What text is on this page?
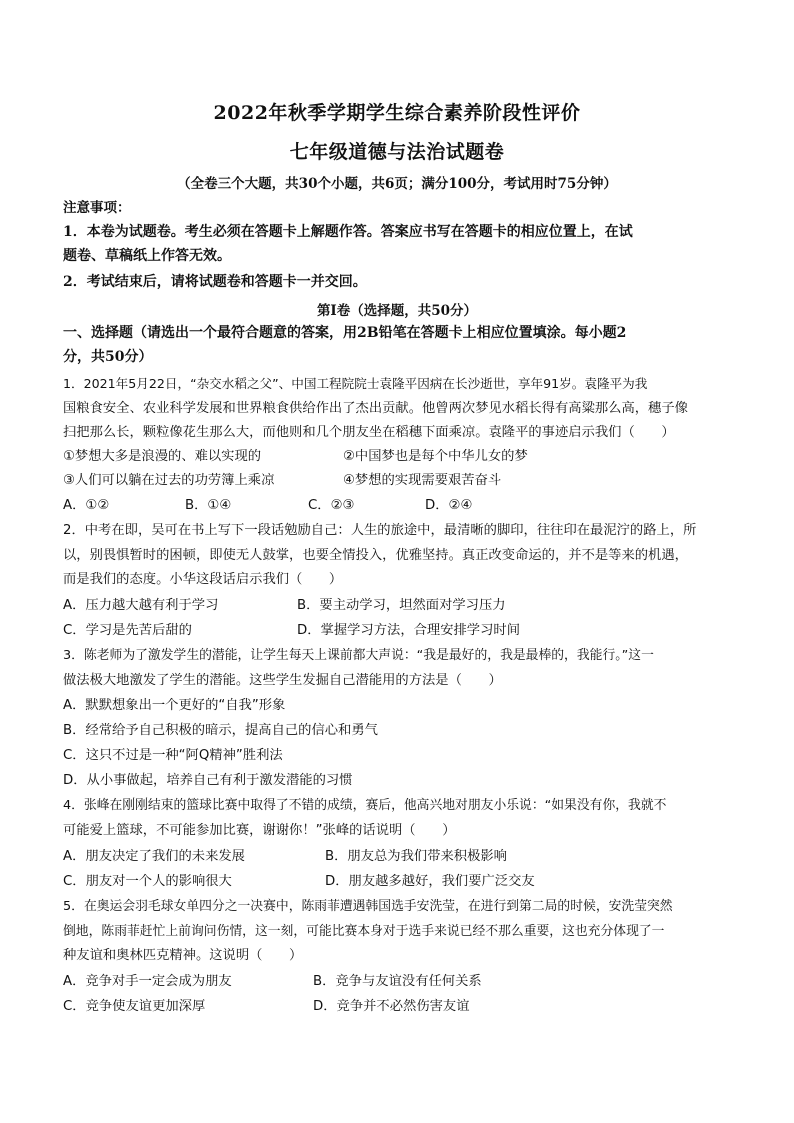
2022年秋季学期学生综合素养阶段性评价
七年级道德与法治试题卷
（全卷三个大题，共30个小题，共6页；满分100分，考试用时75分钟）
注意事项：
1．本卷为试题卷。考生必须在答题卡上解题作答。答案应书写在答题卡的相应位置上，在试
题卷、草稿纸上作答无效。
2．考试结束后，请将试题卷和答题卡一并交回。
第Ⅰ卷（选择题，共50分）
一、选择题（请选出一个最符合题意的答案，用2B铅笔在答题卡上相应位置填涂。每小题2
分，共50分）
1．2021年5月22日，“杂交水稻之父”、中国工程院院士袁隆平因病在长沙逝世，享年91岁。袁隆平为我
国粮食安全、农业科学发展和世界粮食供给作出了杰出贡献。他曾两次梦见水稻长得有高粱那么高，穗子像
扫把那么长，颗粒像花生那么大，而他则和几个朋友坐在稻穗下面乘凉。袁隆平的事迹启示我们（　　）
①梦想大多是浪漫的、难以实现的	②中国梦也是每个中华儿女的梦
③人们可以躺在过去的功劳簿上乘凉	④梦想的实现需要艰苦奋斗
A．①②	B．①④	C．②③	D．②④
2．中考在即，吴可在书上写下一段话勉励自己：人生的旅途中，最清晰的脚印，往往印在最泥泞的路上，所
以，别畏惧暂时的困顿，即使无人鼓掌，也要全情投入，优雅坚持。真正改变命运的，并不是等来的机遇，
而是我们的态度。小华这段话启示我们（　　）
A．压力越大越有利于学习	B．要主动学习，坦然面对学习压力
C．学习是先苦后甜的	D．掌握学习方法，合理安排学习时间
3．陈老师为了激发学生的潜能，让学生每天上课前都大声说：“我是最好的，我是最棒的，我能行。”这一
做法极大地激发了学生的潜能。这些学生发掘自己潜能用的方法是（　　）
A．默默想象出一个更好的“自我”形象
B．经常给予自己积极的暗示，提高自己的信心和勇气
C．这只不过是一种“阿Q精神”胜利法
D．从小事做起，培养自己有利于激发潜能的习惯
4．张峰在刚刚结束的篮球比赛中取得了不错的成绩，赛后，他高兴地对朋友小乐说：“如果没有你，我就不
可能爱上篮球，不可能参加比赛，谢谢你！”张峰的话说明（　　）
A．朋友决定了我们的未来发展	B．朋友总为我们带来积极影响
C．朋友对一个人的影响很大	D．朋友越多越好，我们要广泛交友
5．在奥运会羽毛球女单四分之一决赛中，陈雨菲遭遇韩国选手安洗莹，在进行到第二局的时候，安洗莹突然
倒地，陈雨菲赶忙上前询问伤情，这一刻，可能比赛本身对于选手来说已经不那么重要，这也充分体现了一
种友谊和奥林匹克精神。这说明（　　）
A．竞争对手一定会成为朋友	B．竞争与友谊没有任何关系
C．竞争使友谊更加深厚	D．竞争并不必然伤害友谊
